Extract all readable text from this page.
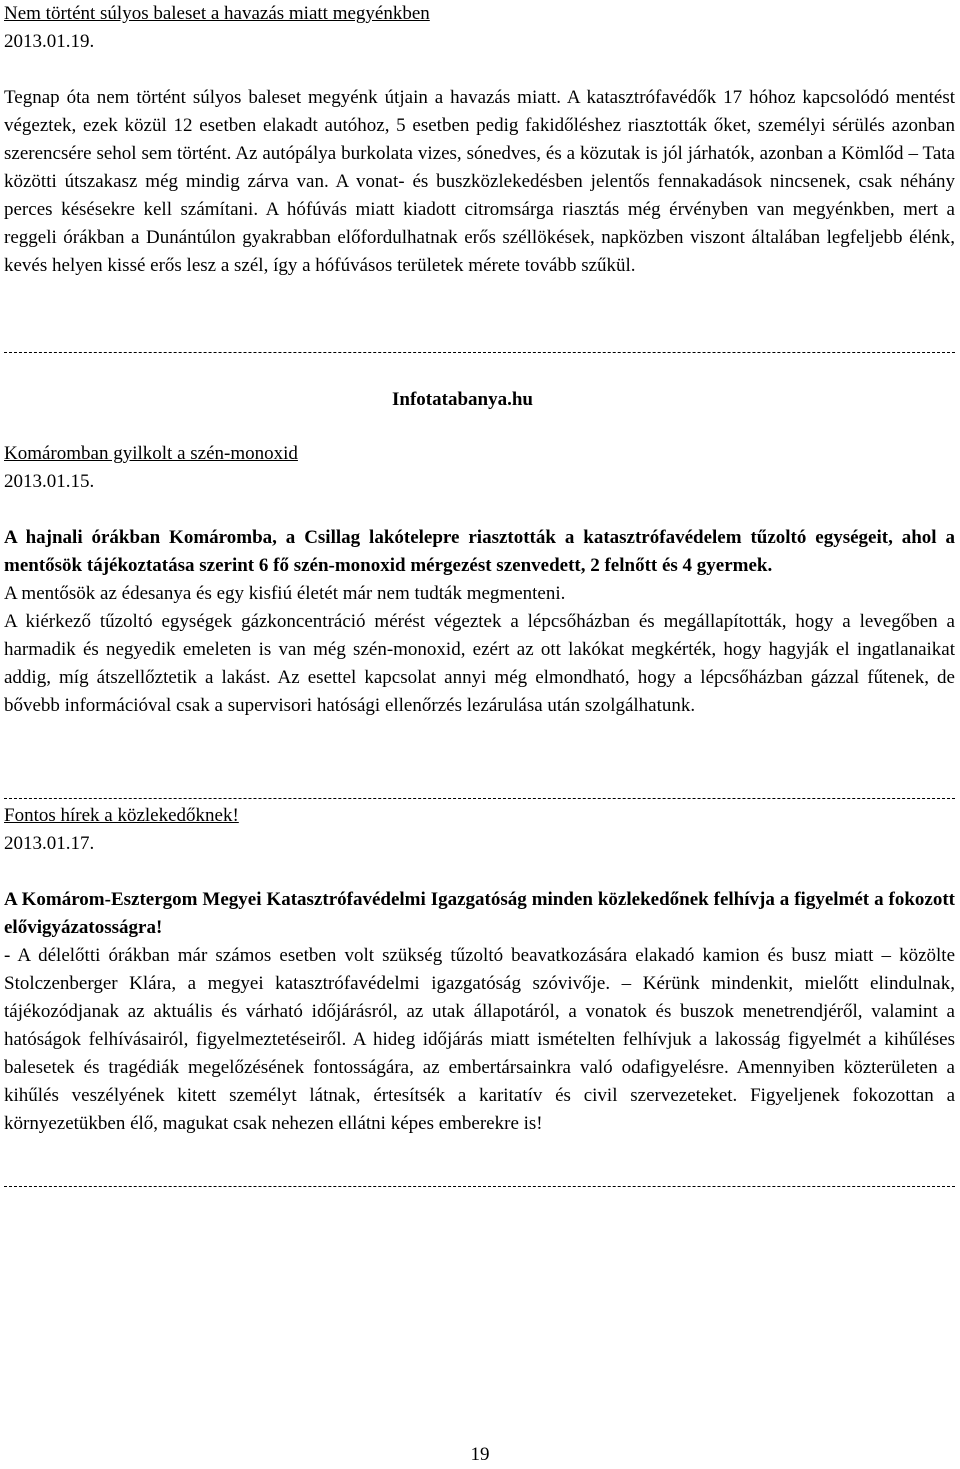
Nem történt súlyos baleset a havazás miatt megyénkben

2013.01.19.

Tegnap óta nem történt súlyos baleset megyénk útjain a havazás miatt. A katasztrófavédők 17 hóhoz kapcsolódó mentést végeztek, ezek közül 12 esetben elakadt autóhoz, 5 esetben pedig fakidőléshez riasztották őket, személyi sérülés azonban szerencsére sehol sem történt. Az autópálya burkolata vizes, sónedves, és a közutak is jól járhatók, azonban a Kömlőd – Tata közötti útszakasz még mindig zárva van. A vonat- és buszközlekedésben jelentős fennakadások nincsenek, csak néhány perces késésekre kell számítani. A hófúvás miatt kiadott citromsárga riasztás még érvényben van megyénkben, mert a reggeli órákban a Dunántúlon gyakrabban előfordulhatnak erős széllökések, napközben viszont általában legfeljebb élénk, kevés helyen kissé erős lesz a szél, így a hófúvásos területek mérete tovább szűkül.

Infotatabanya.hu

Komáromban gyilkolt a szén-monoxid

2013.01.15.

A hajnali órákban Komáromba, a Csillag lakótelepre riasztották a katasztrófavédelem tűzoltó egységeit, ahol a mentősök tájékoztatása szerint 6 fő szén-monoxid mérgezést szenvedett, 2 felnőtt és 4 gyermek.

A mentősök az édesanya és egy kisfiú életét már nem tudták megmenteni.

A kiérkező tűzoltó egységek gázkoncentráció mérést végeztek a lépcsőházban és megállapították, hogy a levegőben a harmadik és negyedik emeleten is van még szén-monoxid, ezért az ott lakókat megkérték, hogy hagyják el ingatlanaikat addig, míg átszellőztetik a lakást. Az esettel kapcsolat annyi még elmondható, hogy a lépcsőházban gázzal fűtenek, de bővebb információval csak a supervisori hatósági ellenőrzés lezárulása után szolgálhatunk.

Fontos hírek a közlekedőknek!

2013.01.17.

A Komárom-Esztergom Megyei Katasztrófavédelmi Igazgatóság minden közlekedőnek felhívja a figyelmét a fokozott elővigyázatosságra!

- A délelőtti órákban már számos esetben volt szükség tűzoltó beavatkozására elakadó kamion és busz miatt – közölte Stolczenberger Klára, a megyei katasztrófavédelmi igazgatóság szóvivője. – Kérünk mindenkit, mielőtt elindulnak, tájékozódjanak az aktuális és várható időjárásról, az utak állapotáról, a vonatok és buszok menetrendjéről, valamint a hatóságok felhívásairól, figyelmeztetéseiről. A hideg időjárás miatt ismételten felhívjuk a lakosság figyelmét a kihűléses balesetek és tragédiák megelőzésének fontosságára, az embertársainkra való odafigyelésre. Amennyiben közterületen a kihűlés veszélyének kitett személyt látnak, értesítsék a karitatív és civil szervezeteket. Figyeljenek fokozottan a környezetükben élő, magukat csak nehezen ellátni képes emberekre is!

19
